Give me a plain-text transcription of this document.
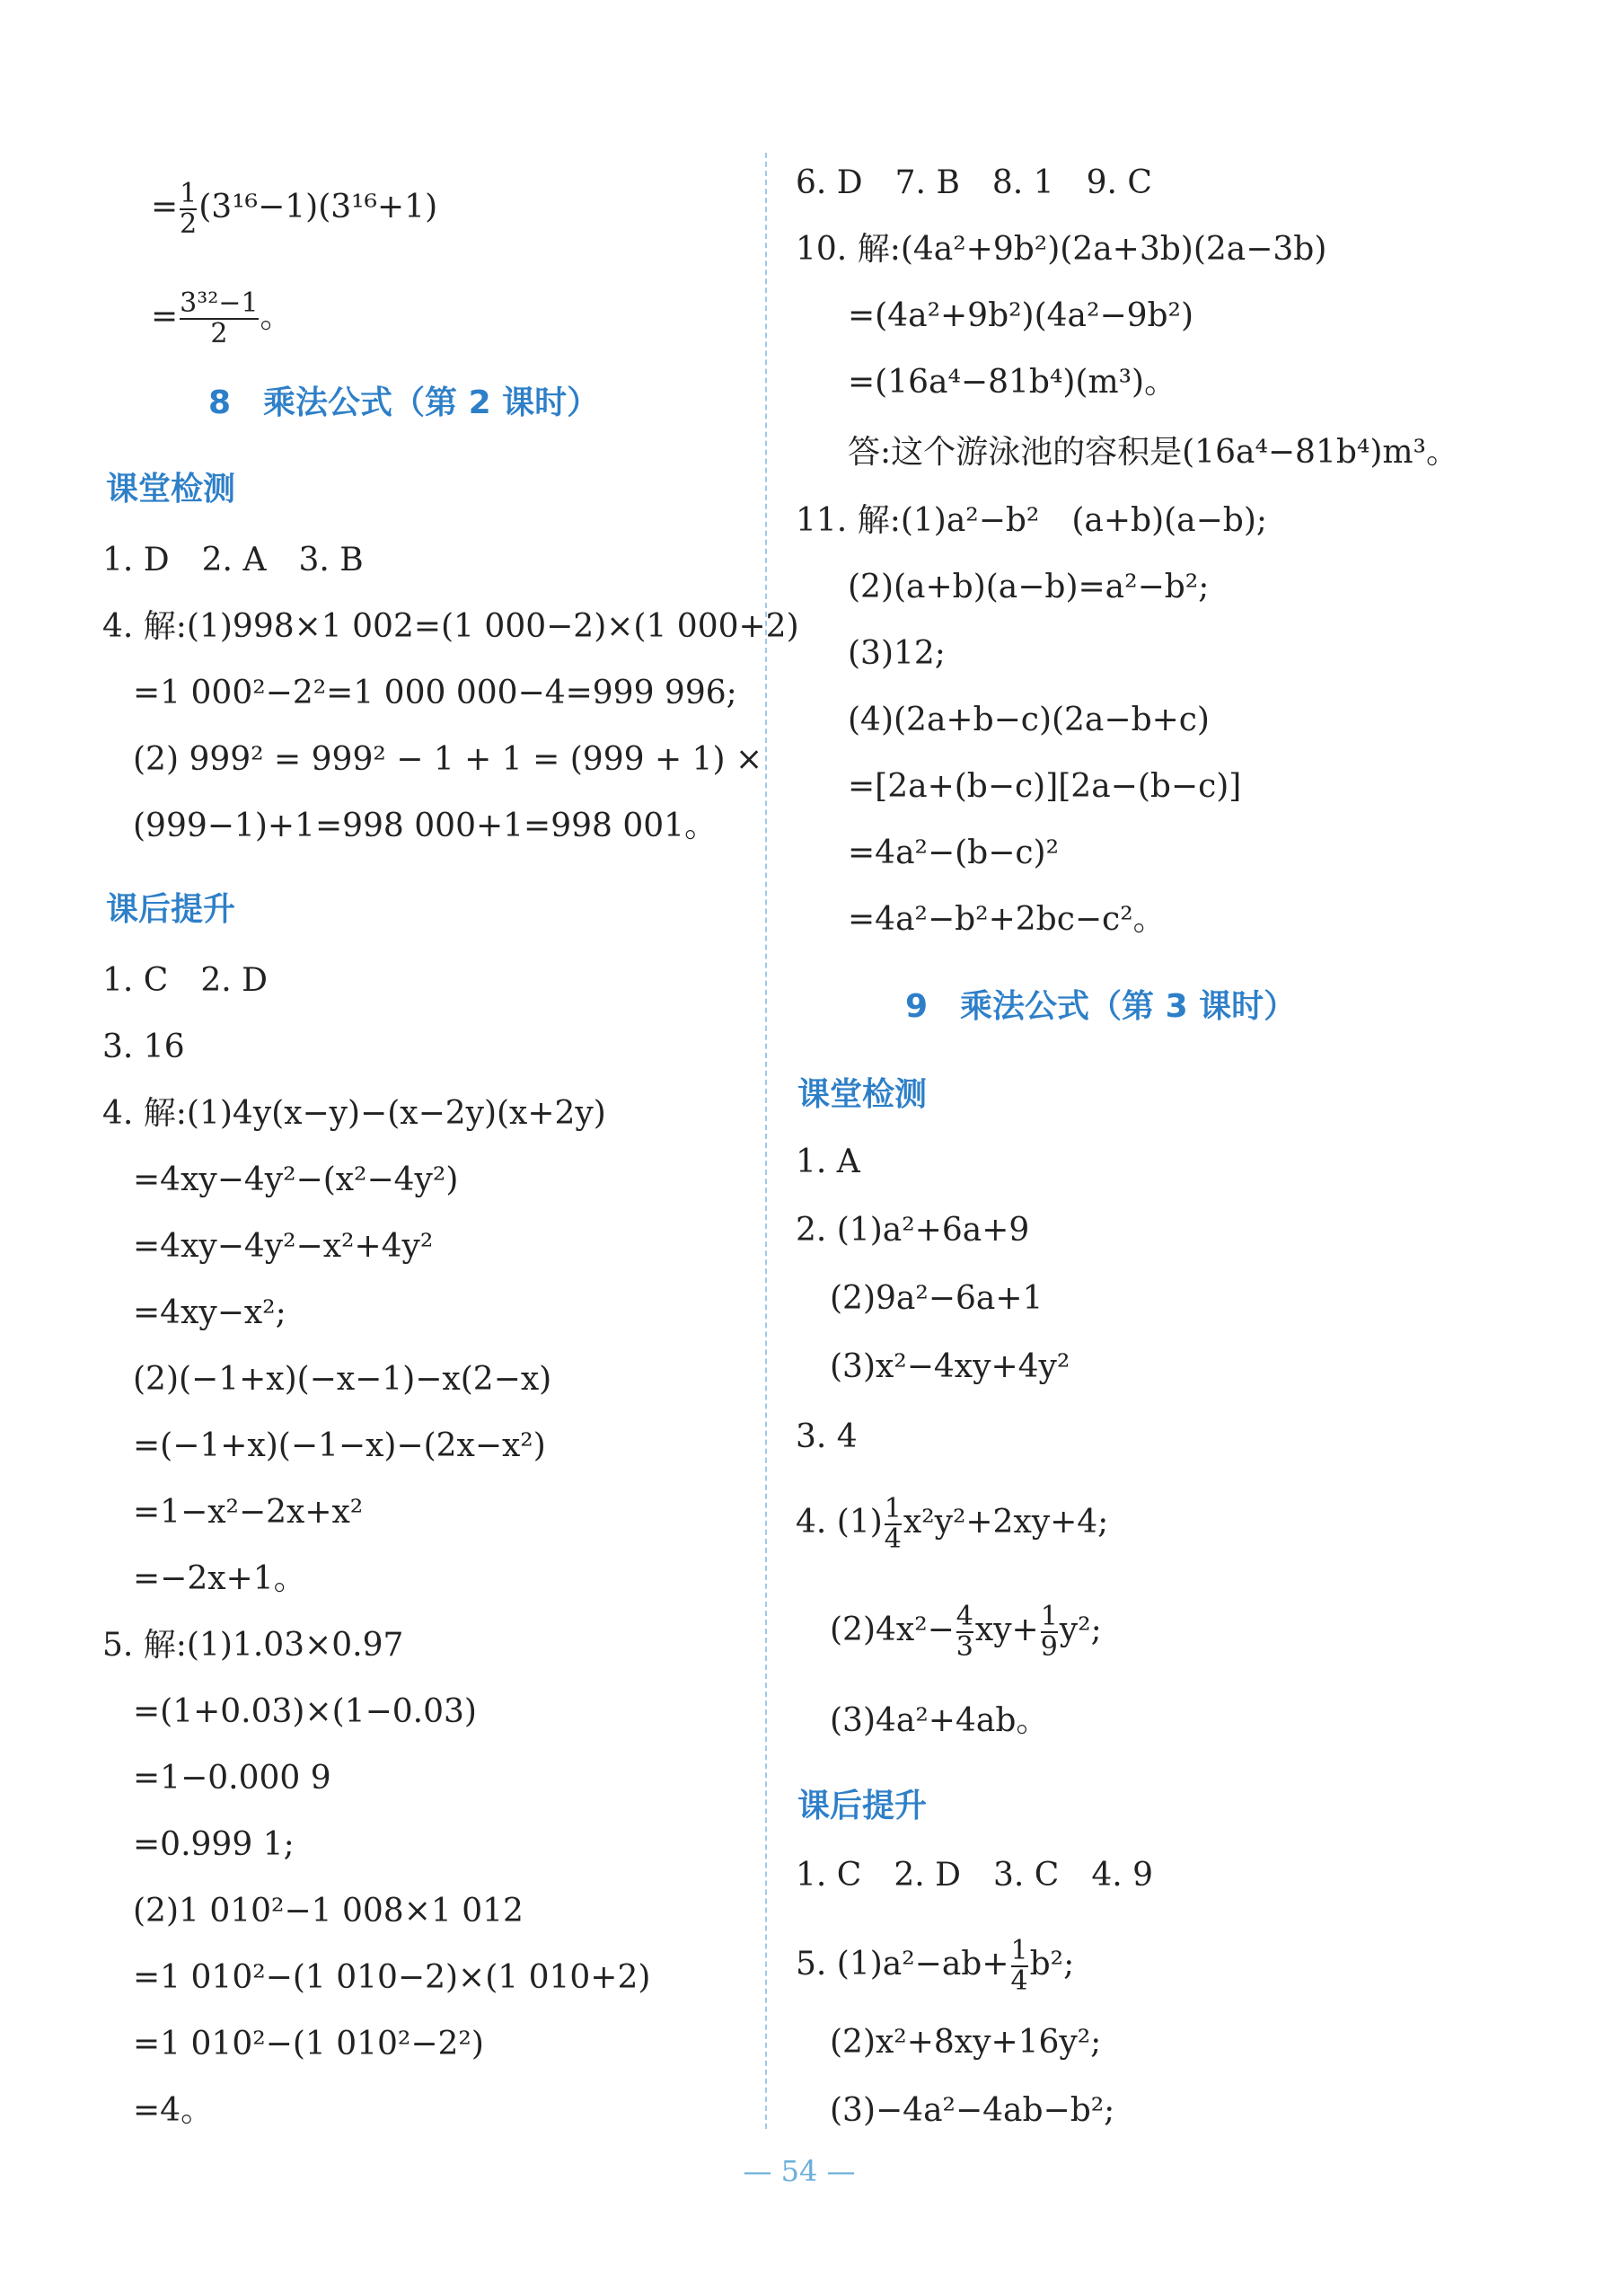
= $\frac{1}{2} (3^{16}-1)(3^{16}+1)$
= $\frac{\text{3³²−1}}{2}$ 。
8　乘法公式（第 2 课时）
课堂检测
1. D　2. A　3. B
4. 解:(1)998×1 002=(1 000−2)×(1 000+2)
=1 000²−2²=1 000 000−4=999 996;
(2) 999² = 999² − 1 + 1 = (999 + 1) ×
(999−1)+1=998 000+1=998 001。
课后提升
1. C　2. D
3. 16
4. 解:(1)4y(x−y)−(x−2y)(x+2y)
=4xy−4y²−(x²−4y²)
=4xy−4y²−x²+4y²
=4xy−x²;
(2)(−1+x)(−x−1)−x(2−x)
=(−1+x)(−1−x)−(2x−x²)
=1−x²−2x+x²
=−2x+1。
5. 解:(1)1.03×0.97
=(1+0.03)×(1−0.03)
=1−0.000 9
=0.999 1;
(2)1 010²−1 008×1 012
=1 010²−(1 010−2)×(1 010+2)
=1 010²−(1 010²−2²)
=4。
6. D　7. B　8. 1　9. C
10. 解:(4a²+9b²)(2a+3b)(2a−3b)
=(4a²+9b²)(4a²−9b²)
=(16a⁴−81b⁴)(m³)。
答:这个游泳池的容积是(16a⁴−81b⁴)m³。
11. 解:(1)a²−b²　(a+b)(a−b);
(2)(a+b)(a−b)=a²−b²;
(3)12;
(4)(2a+b−c)(2a−b+c)
=[2a+(b−c)][2a−(b−c)]
=4a²−(b−c)²
=4a²−b²+2bc−c²。
9　乘法公式（第 3 课时）
课堂检测
1. A
2. (1)a²+6a+9
(2)9a²−6a+1
(3)x²−4xy+4y²
3. 4
4. $(1) \frac{1}{4} x^2y^2+2xy+4$;
$(2)4x^2- \frac{4}{3} xy+ \frac{1}{9} y^2$;
(3)4a²+4ab。
课后提升
1. C　2. D　3. C　4. 9
5. $(1)a^2-ab+ \frac{1}{4} b^2$;
(2)x²+8xy+16y²;
(3)−4a²−4ab−b²;
— 54 —
